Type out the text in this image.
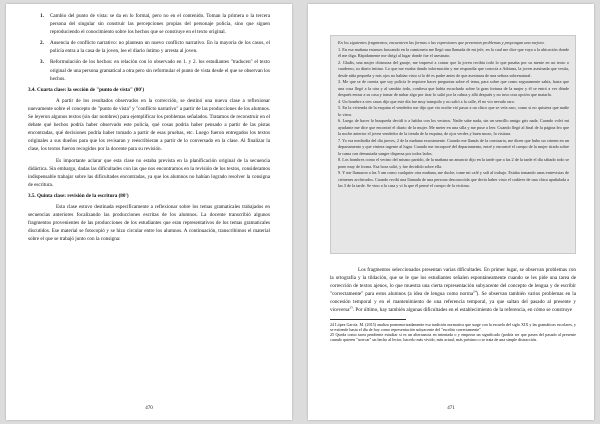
1. Cambio del punto de vista: se da en lo formal, pero no en el contenido. Toman la primera o la tercera persona del singular sin construir las percepciones propias del personaje policía, sino que siguen reproduciendo el conocimiento sobre los hechos que se construye en el texto original.
2. Ausencia de conflicto narrativo: no plantean un nuevo conflicto narrativo. En la mayoría de los casos, el policía entra a la casa de la joven, lee el diario íntimo y arresta al joven.
3. Reformulación de los hechos: en relación con lo observado en 1. y 2. los estudiantes "traducen" el texto original de una persona gramatical a otra pero sin reformular el punto de vista desde el que se observan los hechos.
3.4. Cuarta clase: la sección de "punto de vista" (80')

A partir de los resultados observados en la corrección, se destinó una nueva clase a reflexionar nuevamente sobre el concepto de "punto de vista" y "conflicto narrativo" a partir de las producciones de los alumnos. Se leyeron algunos textos (sin dar nombres) para ejemplificar los problemas señalados. Tratamos de reconstruir en el debate qué hechos podría haber observado este policía, qué cosas podría haber pensado a partir de las pistas encontradas, qué decisiones podría haber tomado a partir de esas pruebas, etc. Luego fueron entregados los textos originales a sus dueños para que los revisaran y reescribieran a partir de lo conversado en la clase. Al finalizar la clase, los textos fueron recogidos por la docente para su revisión.

Es importante aclarar que esta clase no estaba prevista en la planificación original de la secuencia didáctica. Sin embargo, dadas las dificultades con las que nos encontramos en la revisión de los textos, consideramos indispensable trabajar sobre las dificultades encontradas, ya que los alumnos no habían logrado resolver la consigna de escritura.

3.5. Quinta clase: revisión de la escritura (80')

Esta clase estuvo destinada específicamente a reflexionar sobre los temas gramaticales trabajados en secuencias anteriores focalizando las producciones escritas de los alumnos. La docente transcribió algunos fragmentos provenientes de las producciones de los estudiantes que eran representativos de los temas gramaticales discutidos. Ese material se fotocopió y se hizo circular entre los alumnos. A continuación, transcribimos el material sobre el que se trabajó junto con la consigna:

470

En los siguientes fragmentos, encuentren las formas o las expresiones que presentan problemas y propongan una mejora.

1. En esa mañana estamos buscando en la camioneta me llegó una llamada de mi jefe, en la cual me dice que vaya a la ubicación donde él me diga. Rápidamente me dirigí al lugar donde fue el asesinato.

2. Gladis, una mujer chismosa del garaje, me impresó a contar que la joven recibía todo lo que pasaba por su mente en un texto o cuaderno, su diario íntimo. Lo que me estaba dando información y me respondía que conocía a Adriana, la joven asesinada que vestía, desde niña pequeña y mis ojos no habían visto si lo dé es padre antes de que asesinara de una señora sobrenatural.

3. Me que se de cuenta que soy policía le requiere hacer preguntas sobre el tema, para sobre que como seguramente sabía, hasta que una cosa llegó a la otra y al cambio todo, confiesa que había escuchado sobre la gran fortuna de la mujer y él se entró a ver dónde después entrar a su casa y tomar de nubar algo por tirar lo salió por la calma y allá después y no tuvo otra opción que matarla.

4. Un hombre a tres casas dijo que este día fue muy tranquilo y no salió a la calle, él no vio nevado raro.

5. En la vivienda de la esquina el vendedor me dijo que vio noche vió pasar a un chico que se veía raro, como si no quisiera que nadie lo viera.

6. Luego de hacer lo busqueda decidí ir a hablar con los vecinos. Nadie sabe nada, sin un sencillo amigo gris nada. Cuando volví mi ayudante me dice que encontró el diario de la mujer. Me meter en una silla y me puse a leer. Cuando llegó al final de la página leo que la noche anterior el joven vendedor de la tienda de la esquina, de ojos verdes y buen mozo, la visitara.

7. Yo era mediodía del día jueves, 2 de la mañana exactamente. Cuando me llamás de la comisaria, me dicen que hubo un crimen en un departamento y que viniera urgente al lugar. Cuando me incorporé del departamento, entré y encontré el cuerpo de la mujer tirado sobre la cama con demasiada sangre dispersa por todos lados.

8. Los hombres como el vecino del mismo partido, de la mañana un anuncio dijo en la tarde que a las 2 de la tarde el día sábado todo se pone muy de forma. Esa hora salió, y fue decidido sobre ella.

9. Y me llamaron a las 5 am como cualquier otra mañana, me duche, tome mi café y salí al trabajo. Estaba tomando unas entrevistas de crímenes archivados. Cuando recibí una llamada de una persona desconocida que decía haber visto el cadáver de una chica apuñalada a las 3 de la tarde. Se vino a la casa y vi la que él pensé el cuerpo de la víctima.

Los fragmentos seleccionados presentan varias dificultades. En primer lugar, se observan problemas con la ortografía y la tildación, que se le que los estudiantes señalen espontáneamente cuando se les pide una tarea de corrección de textos ajenos, lo que muestra una cierta representación subyacente del concepto de lengua y de escribir "correctamente" para estos alumnos (a idea de lengua como norma$^{24}$). Se observan también varios problemas en la concesión temporal y en el mantenimiento de una referencia temporal, ya que saltan del pasado al presente y viceversa$^{25}$. Por último, hay también algunas dificultades en el establecimiento de la referencia, en cómo se construye

24 López García, M. (2015) analiza pormenorizadamente esa tradición normativa que surge con la escuela del siglo XIX y las gramáticas escolares, y se extiende hasta el día de hoy como representación subyacente del "escribir correctamente".

25 Queda como tarea pendiente estudiar si es un alternancia en intentada o y empezar un significado (podría ser que pasen del pasado al presente cuando quieren "acercar" un hecho al lector, hacerlo más vívido, más actual, más próximo o se trata de una simple distracción.

471
